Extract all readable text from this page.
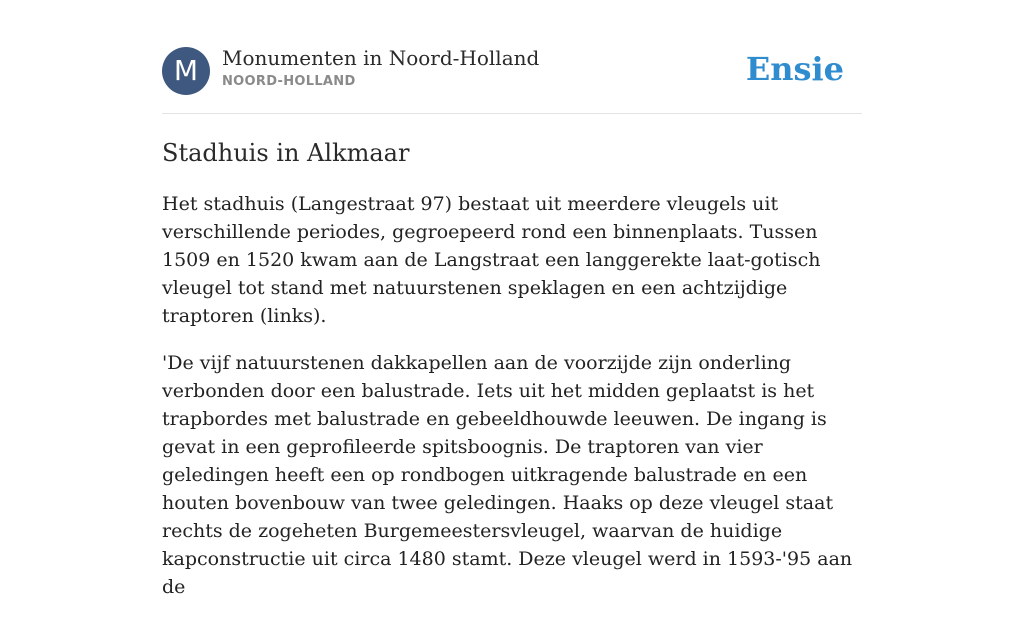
M	Monumenten in Noord-Holland
NOORD-HOLLAND	Ensie
Stadhuis in Alkmaar

Het stadhuis (Langestraat 97) bestaat uit meerdere vleugels uit verschillende periodes, gegroepeerd rond een binnenplaats. Tussen 1509 en 1520 kwam aan de Langstraat een langgerekte laat-gotisch vleugel tot stand met natuurstenen speklagen en een achtzijdige traptoren (links).

'De vijf natuurstenen dakkapellen aan de voorzijde zijn onderling verbonden door een balustrade. Iets uit het midden geplaatst is het trapbordes met balustrade en gebeeldhouwde leeuwen. De ingang is gevat in een geprofileerde spitsboognis. De traptoren van vier geledingen heeft een op rondbogen uitkragende balustrade en een houten bovenbouw van twee geledingen. Haaks op deze vleugel staat rechts de zogeheten Burgemeestersvleugel, waarvan de huidige kapconstructie uit circa 1480 stamt. Deze vleugel werd in 1593-'95 aan de
